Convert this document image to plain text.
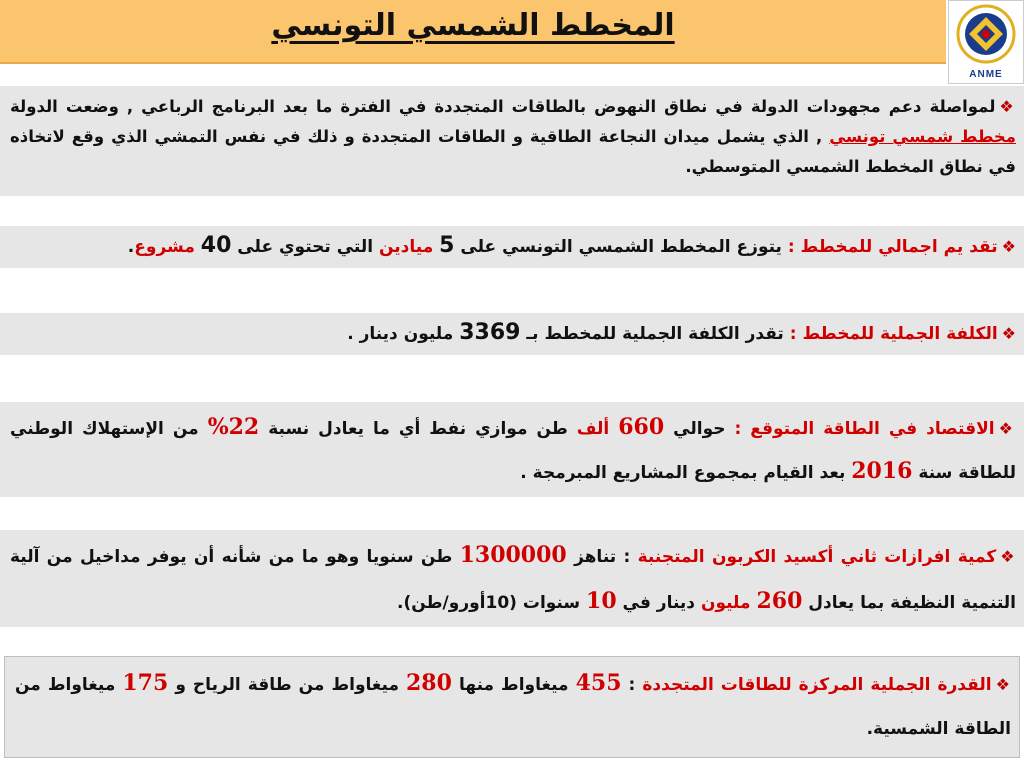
المخطط الشمسي التونسي
ANME
❖لمواصلة دعم مجهودات الدولة في نطاق النهوض بالطاقات المتجددة في الفترة ما بعد البرنامج الرباعي , وضعت الدولة مخطط شمسي تونسي , الذي يشمل ميدان النجاعة الطاقية و الطاقات المتجددة و ذلك في نفس التمشي الذي وقع لاتخاذه في نطاق المخطط الشمسي المتوسطي.
❖تقد يم اجمالي للمخطط : يتوزع المخطط الشمسي التونسي على 5 ميادين التي تحتوي على 40 مشروع.
❖الكلفة الجملية للمخطط : تقدر الكلفة الجملية للمخطط بـ 3369 مليون دينار .
❖الاقتصاد في الطاقة المتوقع : حوالي 660 ألف طن موازي نفط أي ما يعادل نسبة 22% من الإستهلاك الوطني للطاقة سنة 2016 بعد القيام بمجموع المشاريع المبرمجة .
❖كمية افرازات ثاني أكسيد الكربون المتجنبة : تناهز 1300000 طن سنويا وهو ما من شأنه أن يوفر مداخيل من آلية التنمية النظيفة بما يعادل 260 مليون دينار في 10 سنوات (10أورو/طن).
❖القدرة الجملية المركزة للطاقات المتجددة : 455 ميغاواط منها 280 ميغاواط من طاقة الرياح و 175 ميغاواط من الطاقة الشمسية.
